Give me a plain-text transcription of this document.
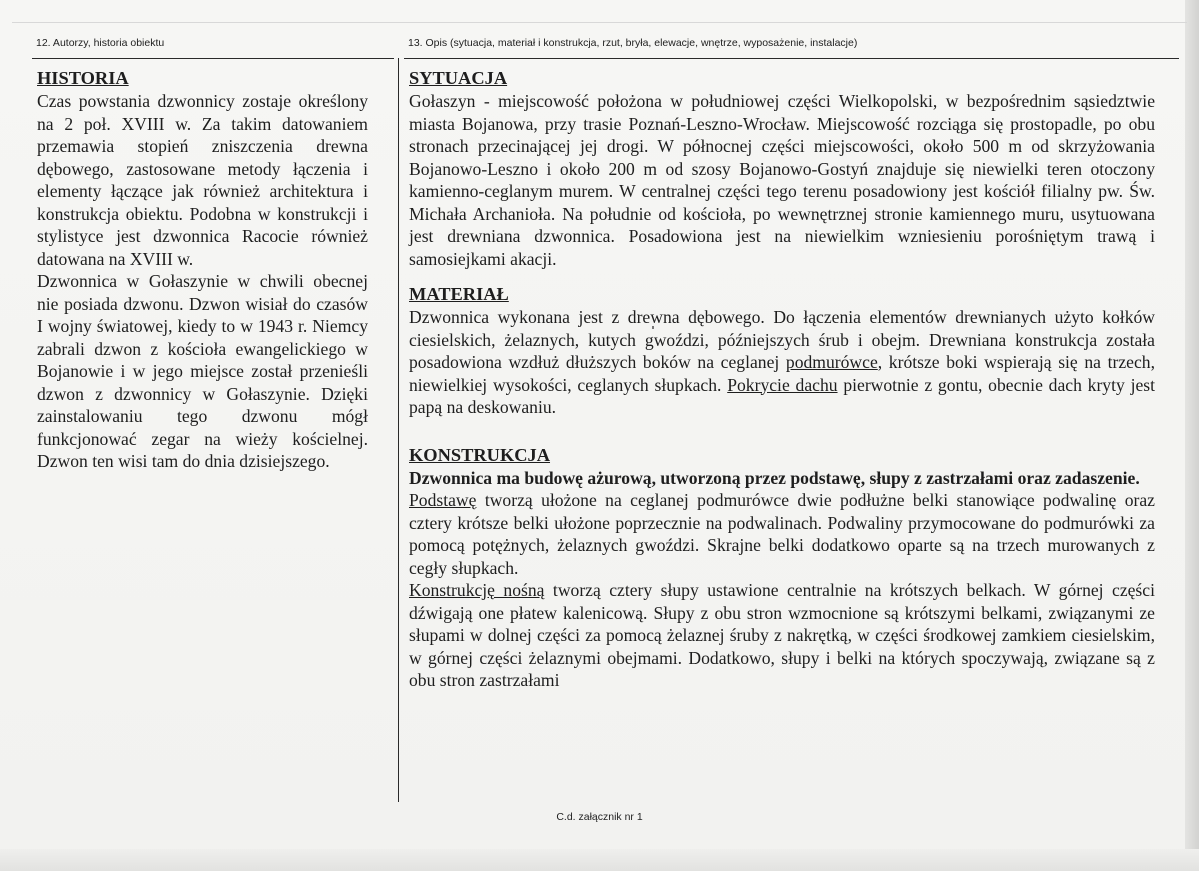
12. Autorzy, historia obiektu	13. Opis (sytuacja, materiał i konstrukcja, rzut, bryła, elewacje, wnętrze, wyposażenie, instalacje)
HISTORIA

Czas powstania dzwonnicy zostaje określony na 2 poł. XVIII w. Za takim datowaniem przemawia stopień zniszczenia drewna dębowego, zastosowane metody łączenia i elementy łączące jak również architektura i konstrukcja obiektu. Podobna w konstrukcji i stylistyce jest dzwonnica Racocie również datowana na XVIII w.

Dzwonnica w Gołaszynie w chwili obecnej nie posiada dzwonu. Dzwon wisiał do czasów I wojny światowej, kiedy to w 1943 r. Niemcy zabrali dzwon z kościoła ewangelickiego w Bojanowie i w jego miejsce został przenieśli dzwon z dzwonnicy w Gołaszynie. Dzięki zainstalowaniu tego dzwonu mógł funkcjonować zegar na wieży kościelnej. Dzwon ten wisi tam do dnia dzisiejszego.

SYTUACJA

Gołaszyn - miejscowość położona w południowej części Wielkopolski, w bezpośrednim sąsiedztwie miasta Bojanowa, przy trasie Poznań-Leszno-Wrocław. Miejscowość rozciąga się prostopadle, po obu stronach przecinającej jej drogi. W północnej części miejscowości, około 500 m od skrzyżowania Bojanowo-Leszno i około 200 m od szosy Bojanowo-Gostyń znajduje się niewielki teren otoczony kamienno-ceglanym murem. W centralnej części tego terenu posadowiony jest kościół filialny pw. Św. Michała Archanioła. Na południe od kościoła, po wewnętrznej stronie kamiennego muru, usytuowana jest drewniana dzwonnica. Posadowiona jest na niewielkim wzniesieniu porośniętym trawą i samosiejkami akacji.

MATERIAŁ

Dzwonnica wykonana jest z drewna dębowego. Do łączenia elementów drewnianych użyto kołków ciesielskich, żelaznych, kutych gwoździ, późniejszych śrub i obejm. Drewniana konstrukcja została posadowiona wzdłuż dłuższych boków na ceglanej podmurówce, krótsze boki wspierają się na trzech, niewielkiej wysokości, ceglanych słupkach. Pokrycie dachu pierwotnie z gontu, obecnie dach kryty jest papą na deskowaniu.

KONSTRUKCJA

Dzwonnica ma budowę ażurową, utworzoną przez podstawę, słupy z zastrzałami oraz zadaszenie.

Podstawę tworzą ułożone na ceglanej podmurówce dwie podłużne belki stanowiące podwalinę oraz cztery krótsze belki ułożone poprzecznie na podwalinach. Podwaliny przymocowane do podmurówki za pomocą potężnych, żelaznych gwoździ. Skrajne belki dodatkowo oparte są na trzech murowanych z cegły słupkach.

Konstrukcję nośną tworzą cztery słupy ustawione centralnie na krótszych belkach. W górnej części dźwigają one płatew kalenicową. Słupy z obu stron wzmocnione są krótszymi belkami, związanymi ze słupami w dolnej części za pomocą żelaznej śruby z nakrętką, w części środkowej zamkiem ciesielskim, w górnej części żelaznymi obejmami. Dodatkowo, słupy i belki na których spoczywają, związane są z obu stron zastrzałami

C.d. załącznik nr 1
